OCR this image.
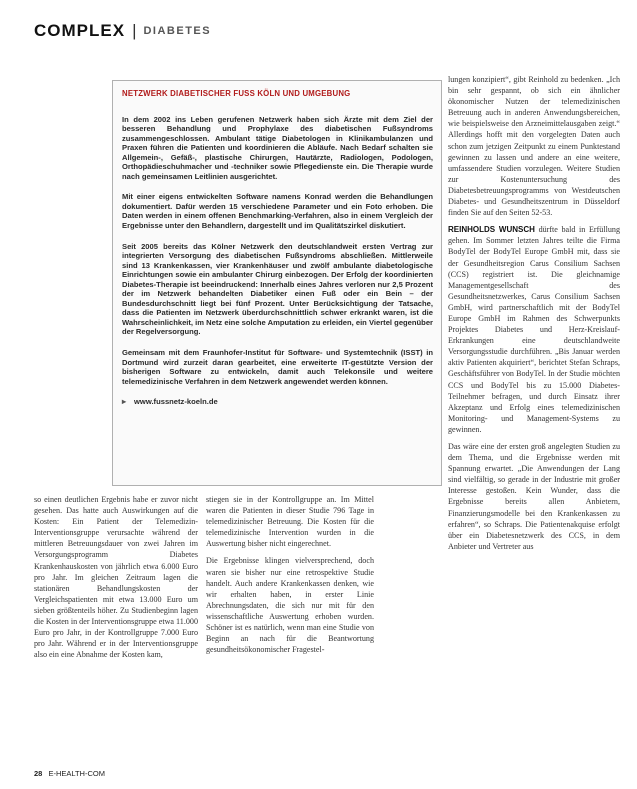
COMPLEX | DIABETES
NETZWERK DIABETISCHER FUSS KÖLN UND UMGEBUNG

In dem 2002 ins Leben gerufenen Netzwerk haben sich Ärzte mit dem Ziel der besseren Behandlung und Prophylaxe des diabetischen Fußsyndroms zusammengeschlossen. Ambulant tätige Diabetologen in Klinikambulanzen und Praxen führen die Patienten und koordinieren die Abläufe. Nach Bedarf schalten sie Allgemein-, Gefäß-, plastische Chirurgen, Hautärzte, Radiologen, Podologen, Orthopädieschuhmacher und -techniker sowie Pflegedienste ein. Die Therapie wurde nach gemeinsamen Leitlinien ausgerichtet.

Mit einer eigens entwickelten Software namens Konrad werden die Behandlungen dokumentiert. Dafür werden 15 verschiedene Parameter und ein Foto erhoben. Die Daten werden in einem offenen Benchmarking-Verfahren, also in einem Vergleich der Ergebnisse unter den Behandlern, dargestellt und im Qualitätszirkel diskutiert.

Seit 2005 bereits das Kölner Netzwerk den deutschlandweit ersten Vertrag zur integrierten Versorgung des diabetischen Fußsyndroms abschließen. Mittlerweile sind 13 Krankenkassen, vier Krankenhäuser und zwölf ambulante diabetologische Einrichtungen sowie ein ambulanter Chirurg einbezogen. Der Erfolg der koordinierten Diabetes-Therapie ist beeindruckend: Innerhalb eines Jahres verloren nur 2,5 Prozent der im Netzwerk behandelten Diabetiker einen Fuß oder ein Bein – der Bundesdurchschnitt liegt bei fünf Prozent. Unter Berücksichtigung der Tatsache, dass die Patienten im Netzwerk überdurchschnittlich schwer erkrankt waren, ist die Wahrscheinlichkeit, im Netz eine solche Amputation zu erleiden, ein Viertel gegenüber der Regelversorgung.

Gemeinsam mit dem Fraunhofer-Institut für Software- und Systemtechnik (ISST) in Dortmund wird zurzeit daran gearbeitet, eine erweiterte IT-gestützte Version der bisherigen Software zu entwickeln, damit auch Telekonsile und weitere telemedizinische Verfahren in dem Netzwerk angewendet werden können.

▸	www.fussnetz-koeln.de

so einen deutlichen Ergebnis habe er zuvor nicht gesehen. Das hatte auch Auswirkungen auf die Kosten: Ein Patient der Telemedizin-Interventionsgruppe verursachte während der mittleren Betreuungsdauer von zwei Jahren im Versorgungsprogramm Diabetes Krankenhauskosten von jährlich etwa 6.000 Euro pro Jahr. Im gleichen Zeitraum lagen die stationären Behandlungskosten der Vergleichspatienten mit etwa 13.000 Euro um sieben größtenteils höher. Zu Studienbeginn lagen die Kosten in der Interventionsgruppe etwa 11.000 Euro pro Jahr, in der Kontrollgruppe 7.000 Euro pro Jahr. Während er in der Interventionsgruppe also ein eine Abnahme der Kosten kam,

stiegen sie in der Kontrollgruppe an. Im Mittel waren die Patienten in dieser Studie 796 Tage in telemedizinischer Betreuung. Die Kosten für die telemedizinische Intervention wurden in die Auswertung bisher nicht eingerechnet.

Die Ergebnisse klingen vielversprechend, doch waren sie bisher nur eine retrospektive Studie handelt. Auch andere Krankenkassen denken, wie wir erhalten haben, in erster Linie Abrechnungsdaten, die sich nur mit für den wissenschaftliche Auswertung erhoben wurden. Schöner ist es natürlich, wenn man eine Studie von Beginn an nach für die Beantwortung gesundheitsökonomischer Fragestel-

lungen konzipiert“, gibt Reinhold zu bedenken. „Ich bin sehr gespannt, ob sich ein ähnlicher ökonomischer Nutzen der telemedizinischen Betreuung auch in anderen Anwendungsbereichen, wie beispielsweise den Arzneimittelausgaben zeigt.“ Allerdings hofft mit den vorgelegten Daten auch schon zum jetzigen Zeitpunkt zu einem Punktestand gewinnen zu lassen und andere an eine weitere, umfassendere Studien vorzulegen. Weitere Studien zur Kostenuntersuchung des Diabetesbetreuungsprogramms von Westdeutschen Diabetes- und Gesundheitszentrum in Düsseldorf finden Sie auf den Seiten 52-53.

REINHOLDS WUNSCH dürfte bald in Erfüllung gehen. Im Sommer letzten Jahres teilte die Firma BodyTel der BodyTel Europe GmbH mit, dass sie der Gesundheitsregion Carus Consilium Sachsen (CCS) registriert ist. Die gleichnamige Managementgesellschaft des Gesundheitsnetzwerkes, Carus Consilium Sachsen GmbH, wird partnerschaftlich mit der BodyTel Europe GmbH im Rahmen des Schwerpunkts Projektes Diabetes und Herz-Kreislauf-Erkrankungen eine deutschlandweite Versorgungsstudie durchführen. „Bis Januar werden aktiv Patienten akquiriert“, berichtet Stefan Schraps, Geschäftsführer von BodyTel. In der Studie möchten CCS und BodyTel bis zu 15.000 Diabetes-Teilnehmer befragen, und durch Einsatz ihrer Akzeptanz und Erfolg eines telemedizinischen Monitoring- und Management-Systems zu gewinnen.

Das wäre eine der ersten groß angelegten Studien zu dem Thema, und die Ergebnisse werden mit Spannung erwartet. „Die Anwendungen der Lang sind vielfältig, so gerade in der Industrie mit großer Interesse gestoßen. Kein Wunder, dass die Ergebnisse bereits allen Anbietern, Finanzierungsmodelle bei den Krankenkassen zu erfahren“, so Schraps. Die Patientenakquise erfolgt über ein Diabetesnetzwerk des CCS, in dem Anbieter und Vertreter aus

28 E-HEALTH-COM
